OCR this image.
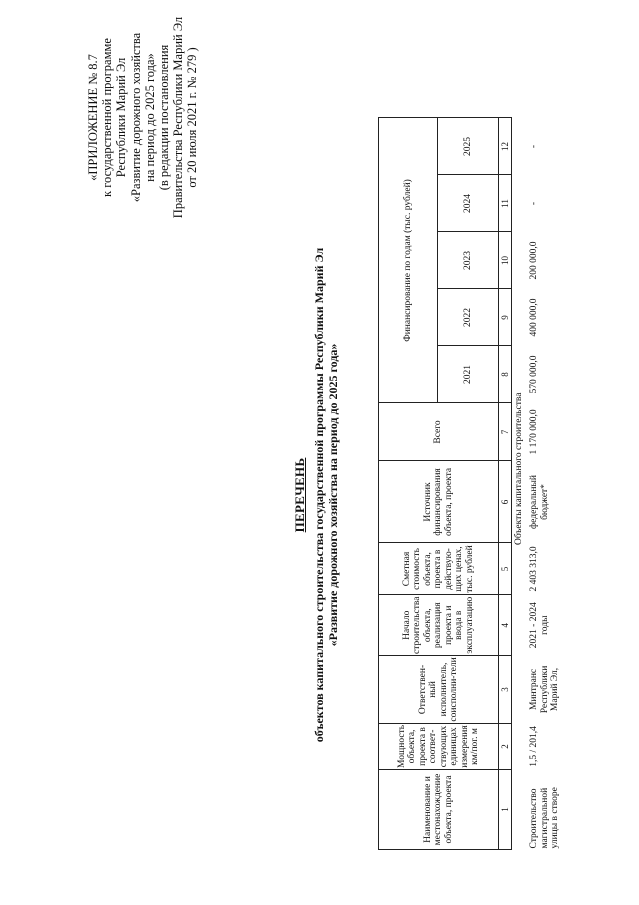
«ПРИЛОЖЕНИЕ № 8.7 к государственной программе Республики Марий Эл «Развитие дорожного хозяйства на период до 2025 года» (в редакции постановления Правительства Республики Марий Эл от 20 июля 2021 г. № 279 )
ПЕРЕЧЕНЬ объектов капитального строительства государственной программы Республики Марий Эл «Развитие дорожного хозяйства на период до 2025 года»
Наименование и местонахождение объекта, проекта	Мощность объекта, проекта в соответ-ствующих единицах измерения км/пог. м	Ответствен-ный исполнитель, соисполни-тели	Начало строительства объекта, реализация проекта и ввода в эксплуатацию	Сметная стоимость объекта, проекта в действую-щих ценах, тыс. рублей	Источник финансирования объекта, проекта	Всего	Финансирование по годам (тыс. рублей)					
							2021	2022	2023	2024	2025	
1	2	3	4	5	6	7	8	9	10	11	12	
Объекты капитального строительства												
Строительство магистральной улицы в створе	1,5 / 201,4	Минтранс Республики Марий Эл,	2021 - 2024 годы	2 403 313,0	федеральный бюджет*	1 170 000,0	570 000,0	400 000,0	200 000,0	-	-	
